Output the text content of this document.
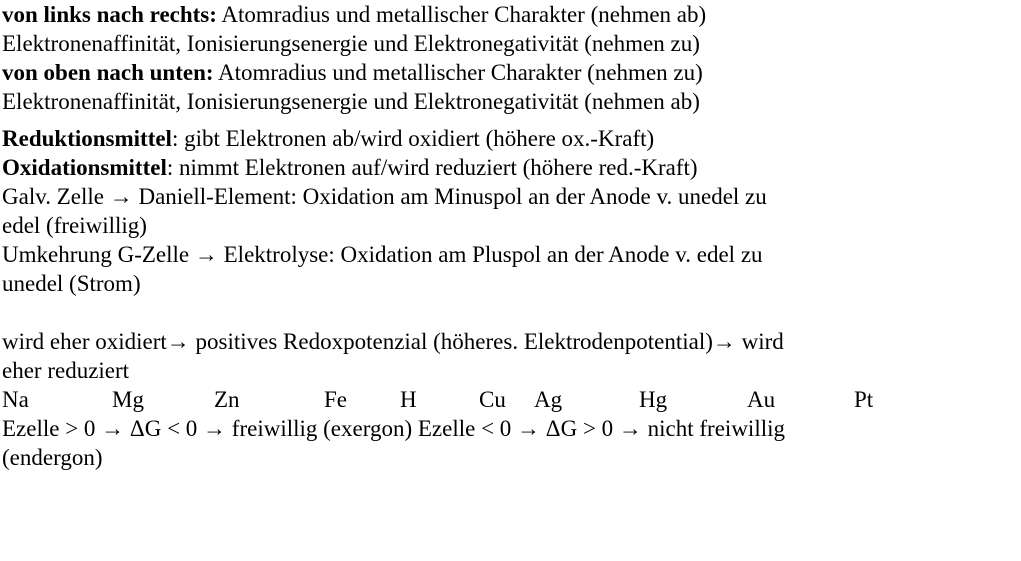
von links nach rechts: Atomradius und metallischer Charakter (nehmen ab)
Elektronenaffinität, Ionisierungsenergie und Elektronegativität (nehmen zu)
von oben nach unten: Atomradius und metallischer Charakter (nehmen zu)
Elektronenaffinität, Ionisierungsenergie und Elektronegativität (nehmen ab)
Reduktionsmittel: gibt Elektronen ab/wird oxidiert (höhere ox.-Kraft)
Oxidationsmittel: nimmt Elektronen auf/wird reduziert (höhere red.-Kraft)
Galv. Zelle → Daniell-Element: Oxidation am Minuspol an der Anode v. unedel zu
edel (freiwillig)
Umkehrung G-Zelle → Elektrolyse: Oxidation am Pluspol an der Anode v. edel zu
unedel (Strom)
wird eher oxidiert→ positives Redoxpotenzial (höheres. Elektrodenpotential)→ wird
eher reduziert
Na	Mg	Zn	Fe H	Cu Ag	Hg	Au	Pt
Ezelle > 0 → ΔG < 0 → freiwillig (exergon) Ezelle < 0 → ΔG > 0 → nicht freiwillig
(endergon)
